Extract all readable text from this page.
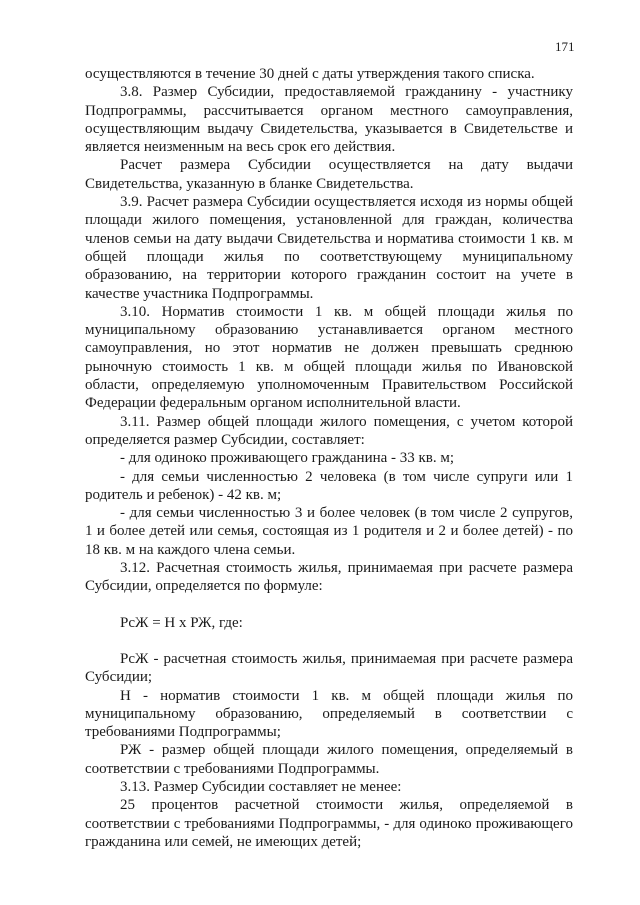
171

осуществляются в течение 30 дней с даты утверждения такого списка.

3.8. Размер Субсидии, предоставляемой гражданину - участнику Подпрограммы, рассчитывается органом местного самоуправления, осуществляющим выдачу Свидетельства, указывается в Свидетельстве и является неизменным на весь срок его действия.

Расчет размера Субсидии осуществляется на дату выдачи Свидетельства, указанную в бланке Свидетельства.

3.9. Расчет размера Субсидии осуществляется исходя из нормы общей площади жилого помещения, установленной для граждан, количества членов семьи на дату выдачи Свидетельства и норматива стоимости 1 кв. м общей площади жилья по соответствующему муниципальному образованию, на территории которого гражданин состоит на учете в качестве участника Подпрограммы.

3.10. Норматив стоимости 1 кв. м общей площади жилья по муниципальному образованию устанавливается органом местного самоуправления, но этот норматив не должен превышать среднюю рыночную стоимость 1 кв. м общей площади жилья по Ивановской области, определяемую уполномоченным Правительством Российской Федерации федеральным органом исполнительной власти.

3.11. Размер общей площади жилого помещения, с учетом которой определяется размер Субсидии, составляет:

- для одиноко проживающего гражданина - 33 кв. м;

- для семьи численностью 2 человека (в том числе супруги или 1 родитель и ребенок) - 42 кв. м;

- для семьи численностью 3 и более человек (в том числе 2 супругов, 1 и более детей или семья, состоящая из 1 родителя и 2 и более детей) - по 18 кв. м на каждого члена семьи.

3.12. Расчетная стоимость жилья, принимаемая при расчете размера Субсидии, определяется по формуле:

РсЖ = Н х РЖ, где:

РсЖ - расчетная стоимость жилья, принимаемая при расчете размера Субсидии;

Н - норматив стоимости 1 кв. м общей площади жилья по муниципальному образованию, определяемый в соответствии с требованиями Подпрограммы;

РЖ - размер общей площади жилого помещения, определяемый в соответствии с требованиями Подпрограммы.

3.13. Размер Субсидии составляет не менее:

25 процентов расчетной стоимости жилья, определяемой в соответствии с требованиями Подпрограммы, - для одиноко проживающего гражданина или семей, не имеющих детей;
